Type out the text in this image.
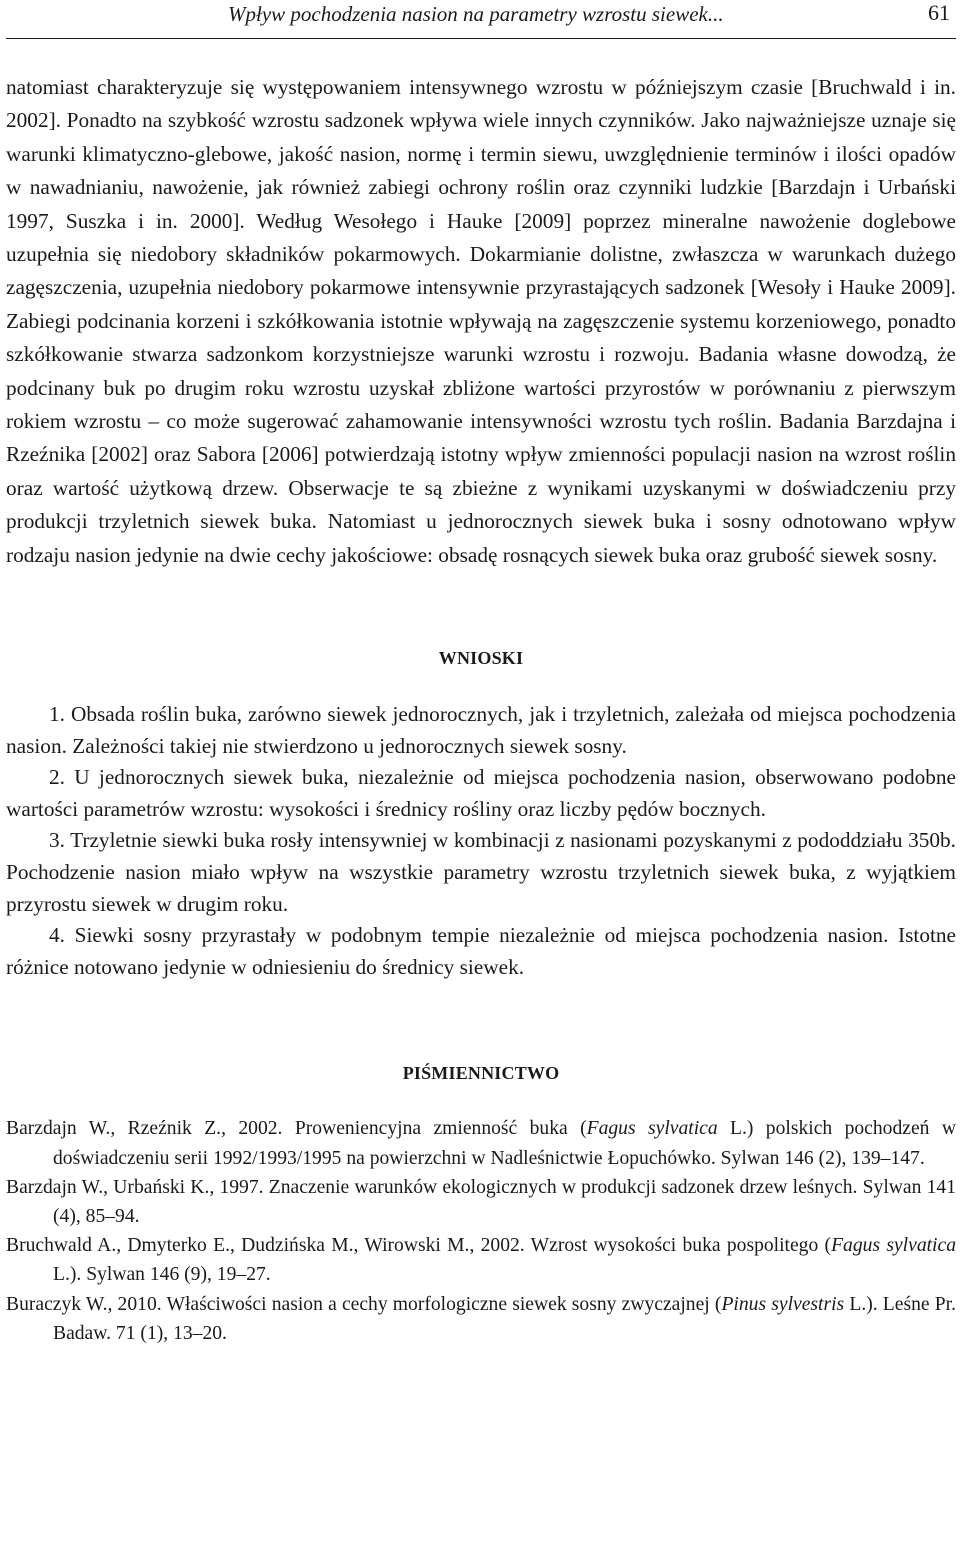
Wpływ pochodzenia nasion na parametry wzrostu siewek...	61

natomiast charakteryzuje się występowaniem intensywnego wzrostu w późniejszym czasie [Bruchwald i in. 2002]. Ponadto na szybkość wzrostu sadzonek wpływa wiele innych czynników. Jako najważniejsze uznaje się warunki klimatyczno-glebowe, jakość nasion, normę i termin siewu, uwzględnienie terminów i ilości opadów w nawadnianiu, nawożenie, jak również zabiegi ochrony roślin oraz czynniki ludzkie [Barzdajn i Urbański 1997, Suszka i in. 2000]. Według Wesołego i Hauke [2009] poprzez mineralne nawożenie doglebowe uzupełnia się niedobory składników pokarmowych. Dokarmianie dolistne, zwłaszcza w warunkach dużego zagęszczenia, uzupełnia niedobory pokarmowe intensywnie przyrastających sadzonek [Wesoły i Hauke 2009]. Zabiegi podcinania korzeni i szkółkowania istotnie wpływają na zagęszczenie systemu korzeniowego, ponadto szkółkowanie stwarza sadzonkom korzystniejsze warunki wzrostu i rozwoju. Badania własne dowodzą, że podcinany buk po drugim roku wzrostu uzyskał zbliżone wartości przyrostów w porównaniu z pierwszym rokiem wzrostu – co może sugerować zahamowanie intensywności wzrostu tych roślin. Badania Barzdajna i Rzeźnika [2002] oraz Sabora [2006] potwierdzają istotny wpływ zmienności populacji nasion na wzrost roślin oraz wartość użytkową drzew. Obserwacje te są zbieżne z wynikami uzyskanymi w doświadczeniu przy produkcji trzyletnich siewek buka. Natomiast u jednorocznych siewek buka i sosny odnotowano wpływ rodzaju nasion jedynie na dwie cechy jakościowe: obsadę rosnących siewek buka oraz grubość siewek sosny.

WNIOSKI

1. Obsada roślin buka, zarówno siewek jednorocznych, jak i trzyletnich, zależała od miejsca pochodzenia nasion. Zależności takiej nie stwierdzono u jednorocznych siewek sosny.

2. U jednorocznych siewek buka, niezależnie od miejsca pochodzenia nasion, obserwowano podobne wartości parametrów wzrostu: wysokości i średnicy rośliny oraz liczby pędów bocznych.

3. Trzyletnie siewki buka rosły intensywniej w kombinacji z nasionami pozyskanymi z pododdziału 350b. Pochodzenie nasion miało wpływ na wszystkie parametry wzrostu trzyletnich siewek buka, z wyjątkiem przyrostu siewek w drugim roku.

4. Siewki sosny przyrastały w podobnym tempie niezależnie od miejsca pochodzenia nasion. Istotne różnice notowano jedynie w odniesieniu do średnicy siewek.

PIŚMIENNICTWO

Barzdajn W., Rzeźnik Z., 2002. Proweniencyjna zmienność buka (Fagus sylvatica L.) polskich pochodzeń w doświadczeniu serii 1992/1993/1995 na powierzchni w Nadleśnictwie Łopuchówko. Sylwan 146 (2), 139–147.

Barzdajn W., Urbański K., 1997. Znaczenie warunków ekologicznych w produkcji sadzonek drzew leśnych. Sylwan 141 (4), 85–94.

Bruchwald A., Dmyterko E., Dudzińska M., Wirowski M., 2002. Wzrost wysokości buka pospolitego (Fagus sylvatica L.). Sylwan 146 (9), 19–27.

Buraczyk W., 2010. Właściwości nasion a cechy morfologiczne siewek sosny zwyczajnej (Pinus sylvestris L.). Leśne Pr. Badaw. 71 (1), 13–20.
